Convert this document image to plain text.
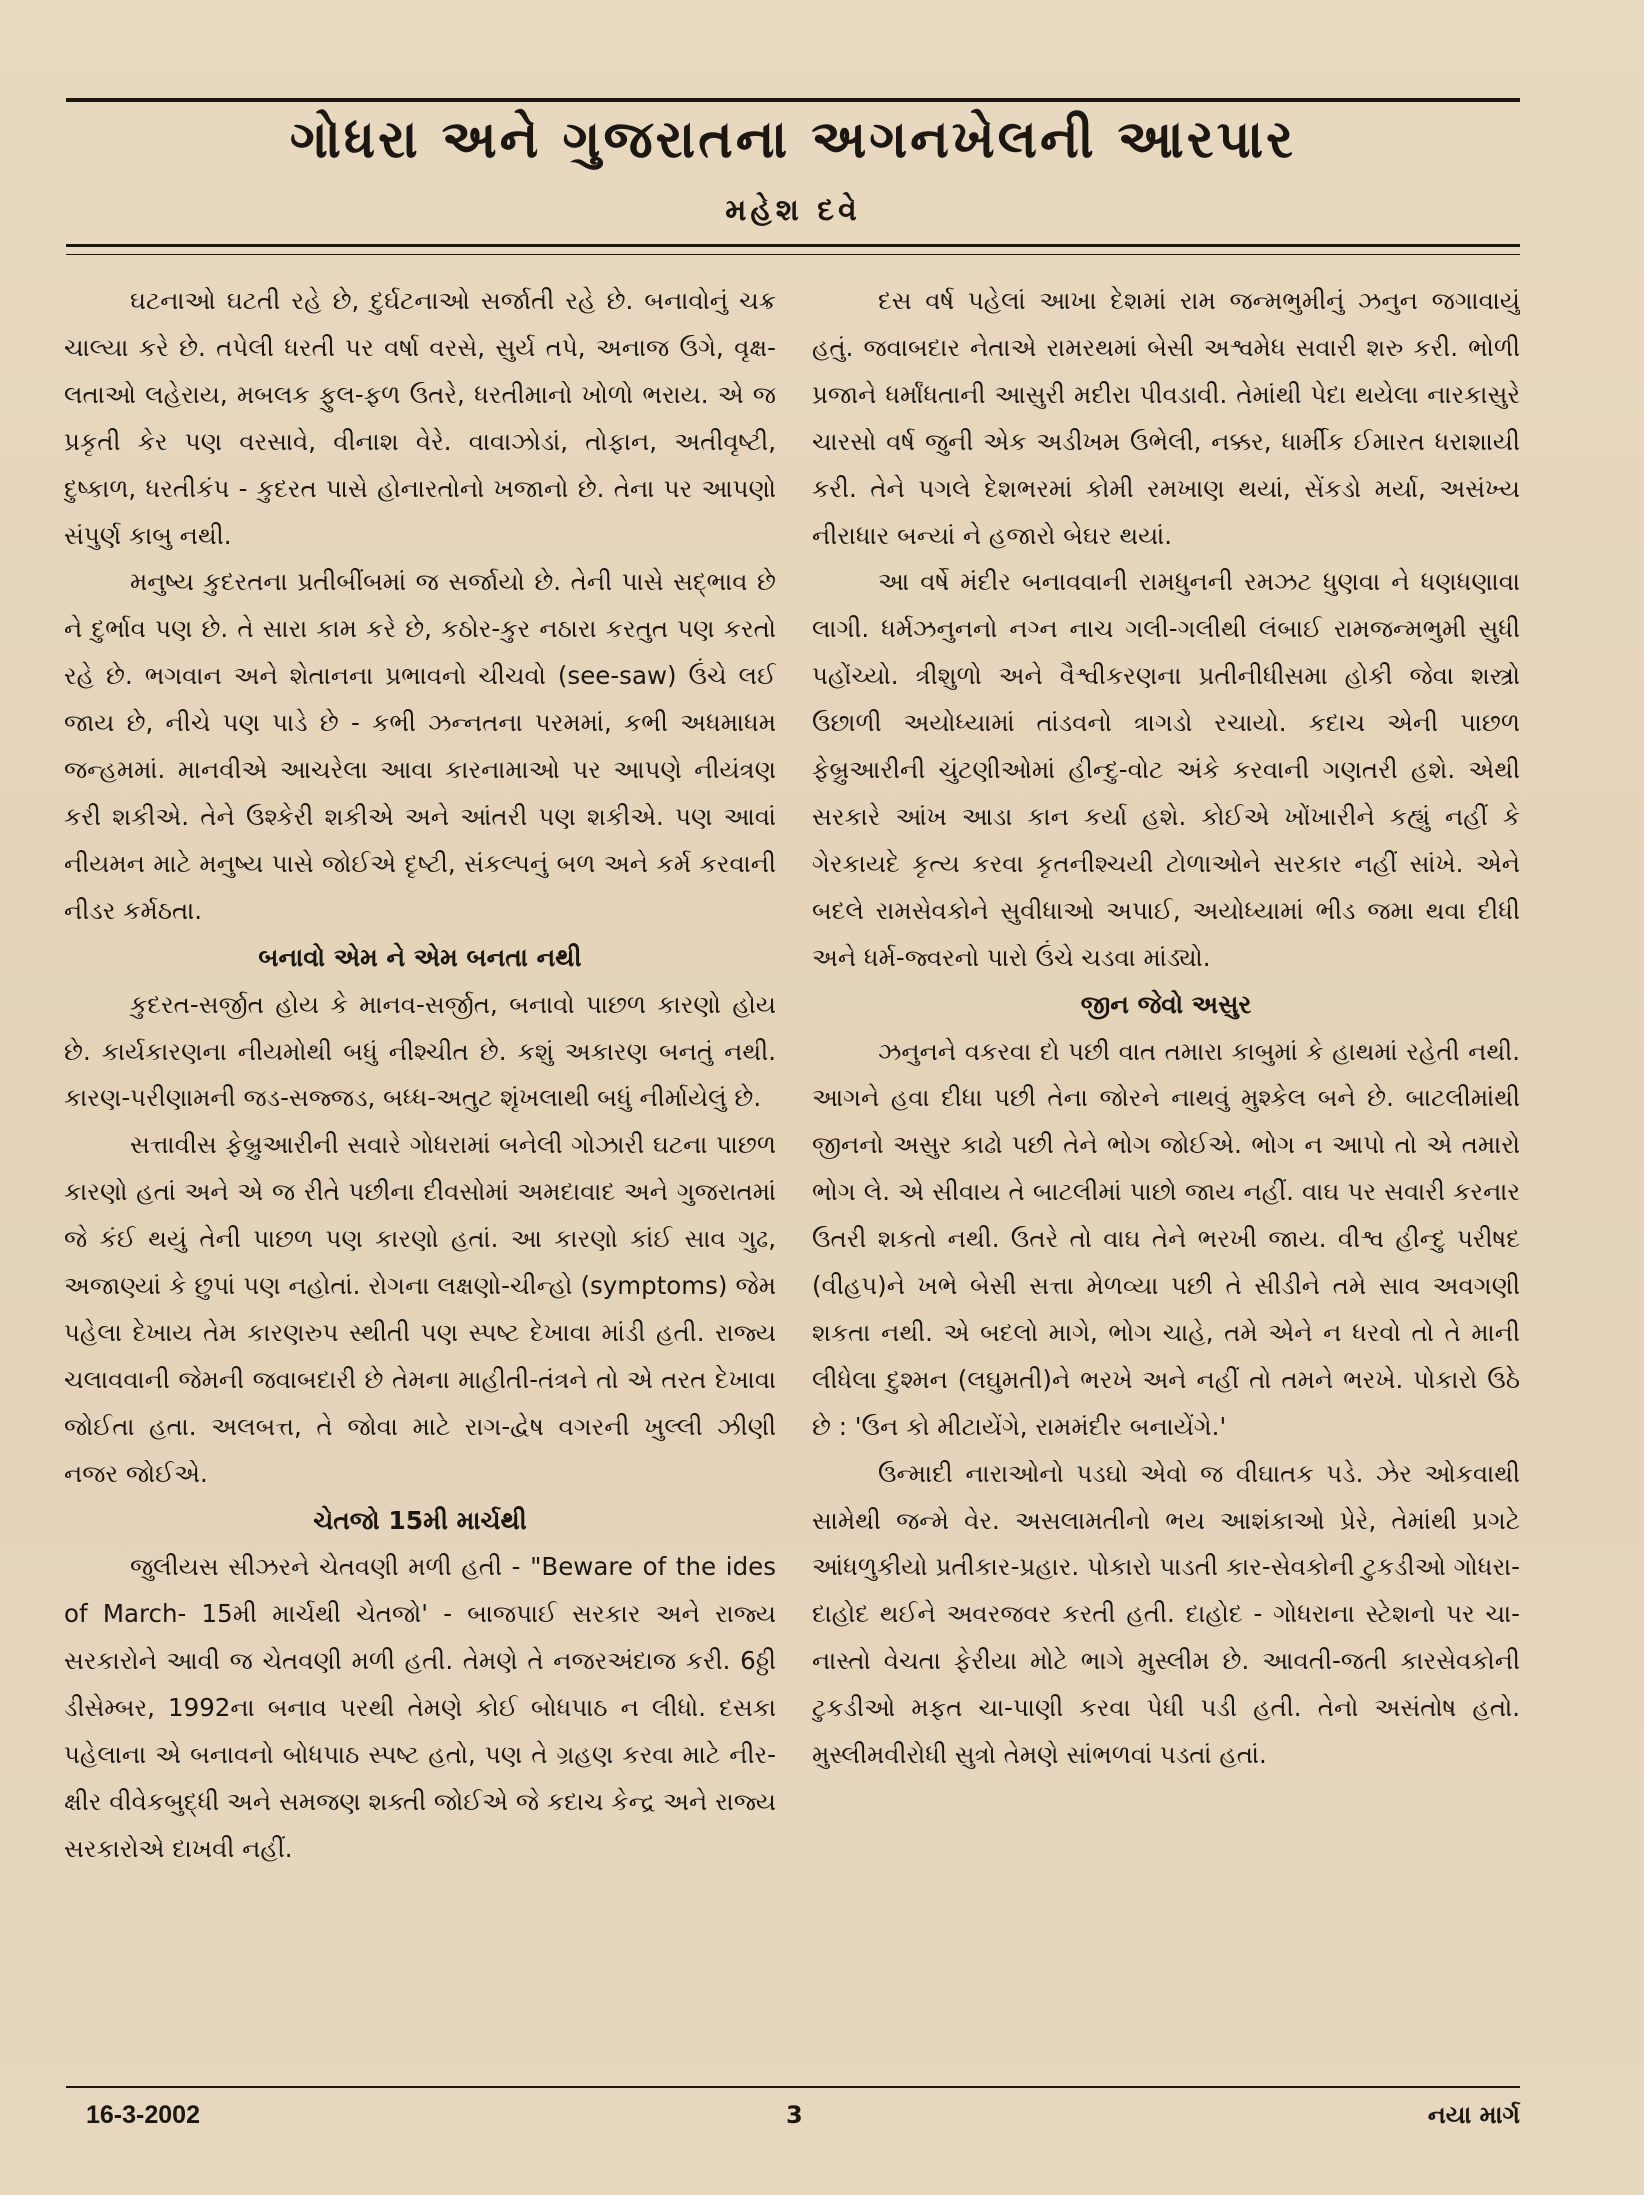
ગોધરા અને ગુજરાતના અગનખેલની આરપાર
મહેશ દવે

ઘટનાઓ ઘટતી રહે છે, દુર્ઘટનાઓ સર્જાતી રહે છે. બનાવોનું ચક્ર ચાલ્યા કરે છે. તપેલી ધરતી પર વર્ષા વરસે, સુર્ય તપે, અનાજ ઉગે, વૃક્ષ-લતાઓ લહેરાય, મબલક ફુલ-ફળ ઉતરે, ધરતીમાનો ખોળો ભરાય. એ જ પ્રકૃતી કેર પણ વરસાવે, વીનાશ વેરે. વાવાઝોડાં, તોફાન, અતીવૃષ્ટી, દુષ્કાળ, ધરતીકંપ - કુદરત પાસે હોનારતોનો ખજાનો છે. તેના પર આપણો સંપુર્ણ કાબુ નથી.

મનુષ્ય કુદરતના પ્રતીબીંબમાં જ સર્જાયો છે. તેની પાસે સદ્ભાવ છે ને દુર્ભાવ પણ છે. તે સારા કામ કરે છે, કઠોર-કુર નઠારા કરતુત પણ કરતો રહે છે. ભગવાન અને શેતાનના પ્રભાવનો ચીચવો (see-saw) ઉંચે લઈ જાય છે, નીચે પણ પાડે છે - કભી ઝન્નતના પરમમાં, કભી અધમાધમ જન્હમમાં. માનવીએ આચરેલા આવા કારનામાઓ પર આપણે નીયંત્રણ કરી શકીએ. તેને ઉશ્કેરી શકીએ અને આંતરી પણ શકીએ. પણ આવાં નીયમન માટે મનુષ્ય પાસે જોઈએ દૃષ્ટી, સંકલ્પનું બળ અને કર્મ કરવાની નીડર કર્મઠતા.

બનાવો એમ ને એમ બનતા નથી

કુદરત-સર્જીત હોય કે માનવ-સર્જીત, બનાવો પાછળ કારણો હોય છે. કાર્યકારણના નીયમોથી બધું નીશ્ચીત છે. કશું અકારણ બનતું નથી. કારણ-પરીણામની જડ-સજ્જડ, બધ્ધ-અતુટ શૃંખલાથી બધું નીર્માયેલું છે.

સત્તાવીસ ફેબ્રુઆરીની સવારે ગોધરામાં બનેલી ગોઝારી ઘટના પાછળ કારણો હતાં અને એ જ રીતે પછીના દીવસોમાં અમદાવાદ અને ગુજરાતમાં જે કંઈ થયું તેની પાછળ પણ કારણો હતાં. આ કારણો કાંઈ સાવ ગુઢ, અજાણ્યાં કે છુપાં પણ નહોતાં. રોગના લક્ષણો-ચીન્હો (symptoms) જેમ પહેલા દેખાય તેમ કારણરુપ સ્થીતી પણ સ્પષ્ટ દેખાવા માંડી હતી. રાજ્ય ચલાવવાની જેમની જવાબદારી છે તેમના માહીતી-તંત્રને તો એ તરત દેખાવા જોઈતા હતા. અલબત્ત, તે જોવા માટે રાગ-દ્વેષ વગરની ખુલ્લી ઝીણી નજર જોઈએ.

ચેતજો 15મી માર્ચથી

જુલીયસ સીઝરને ચેતવણી મળી હતી - "Beware of the ides of March- 15મી માર્ચથી ચેતજો' - બાજપાઈ સરકાર અને રાજ્ય સરકારોને આવી જ ચેતવણી મળી હતી. તેમણે તે નજરઅંદાજ કરી. 6ઠ્ઠી ડીસેમ્બર, 1992ના બનાવ પરથી તેમણે કોઈ બોધપાઠ ન લીધો. દસકા પહેલાના એ બનાવનો બોધપાઠ સ્પષ્ટ હતો, પણ તે ગ્રહણ કરવા માટે નીર-ક્ષીર વીવેકબુદ્ધી અને સમજણ શક્તી જોઈએ જે કદાચ કેન્દ્ર અને રાજ્ય સરકારોએ દાખવી નહીં.

દસ વર્ષ પહેલાં આખા દેશમાં રામ જન્મભુમીનું ઝનુન જગાવાયું હતું. જવાબદાર નેતાએ રામરથમાં બેસી અશ્વમેધ સવારી શરુ કરી. ભોળી પ્રજાને ધર્માંધતાની આસુરી મદીરા પીવડાવી. તેમાંથી પેદા થયેલા નારકાસુરે ચારસો વર્ષ જુની એક અડીખમ ઉભેલી, નક્કર, ધાર્મીક ઈમારત ધરાશાયી કરી. તેને પગલે દેશભરમાં કોમી રમખાણ થયાં, સેંકડો મર્યા, અસંખ્ય નીરાધાર બન્યાં ને હજારો બેઘર થયાં.

આ વર્ષે મંદીર બનાવવાની રામધુનની રમઝટ ધુણવા ને ધણધણાવા લાગી. ધર્મઝનુનનો નગ્ન નાચ ગલી-ગલીથી લંબાઈ રામજન્મભુમી સુધી પહોંચ્યો. ત્રીશુળો અને વૈશ્વીકરણના પ્રતીનીધીસમા હોકી જેવા શસ્ત્રો ઉછાળી અયોધ્યામાં તાંડવનો ત્રાગડો રચાયો. કદાચ એની પાછળ ફેબ્રુઆરીની ચુંટણીઓમાં હીન્દુ-વોટ અંકે કરવાની ગણતરી હશે. એથી સરકારે આંખ આડા કાન કર્યા હશે. કોઈએ ખોંખારીને કહ્યું નહીં કે ગેરકાયદે કૃત્ય કરવા કૃતનીશ્ચયી ટોળાઓને સરકાર નહીં સાંખે. એને બદલે રામસેવકોને સુવીધાઓ અપાઈ, અયોધ્યામાં ભીડ જમા થવા દીધી અને ધર્મ-જ્વરનો પારો ઉંચે ચડવા માંડ્યો.

જીન જેવો અસુર

ઝનુનને વકરવા દો પછી વાત તમારા કાબુમાં કે હાથમાં રહેતી નથી. આગને હવા દીધા પછી તેના જોરને નાથવું મુશ્કેલ બને છે. બાટલીમાંથી જીનનો અસુર કાઢો પછી તેને ભોગ જોઈએ. ભોગ ન આપો તો એ તમારો ભોગ લે. એ સીવાય તે બાટલીમાં પાછો જાય નહીં. વાઘ પર સવારી કરનાર ઉતરી શકતો નથી. ઉતરે તો વાઘ તેને ભરખી જાય. વીશ્વ હીન્દુ પરીષદ (વીહપ)ને ખભે બેસી સત્તા મેળવ્યા પછી તે સીડીને તમે સાવ અવગણી શકતા નથી. એ બદલો માગે, ભોગ ચાહે, તમે એને ન ધરવો તો તે માની લીધેલા દુશ્મન (લઘુમતી)ને ભરખે અને નહીં તો તમને ભરખે. પોકારો ઉઠે છે : 'ઉન કો મીટાયેંગે, રામમંદીર બનાયેંગે.'

ઉન્માદી નારાઓનો પડઘો એવો જ વીઘાતક પડે. ઝેર ઓકવાથી સામેથી જન્મે વેર. અસલામતીનો ભય આશંકાઓ પ્રેરે, તેમાંથી પ્રગટે આંધળુકીયો પ્રતીકાર-પ્રહાર. પોકારો પાડતી કાર-સેવકોની ટુકડીઓ ગોધરા-દાહોદ થઈને અવરજવર કરતી હતી. દાહોદ - ગોધરાના સ્ટેશનો પર ચા-નાસ્તો વેચતા ફેરીયા મોટે ભાગે મુસ્લીમ છે. આવતી-જતી કારસેવકોની ટુકડીઓ મફત ચા-પાણી કરવા પેધી પડી હતી. તેનો અસંતોષ હતો. મુસ્લીમવીરોધી સુત્રો તેમણે સાંભળવાં પડતાં હતાં.

16-3-2002	3	નયા માર્ગ
